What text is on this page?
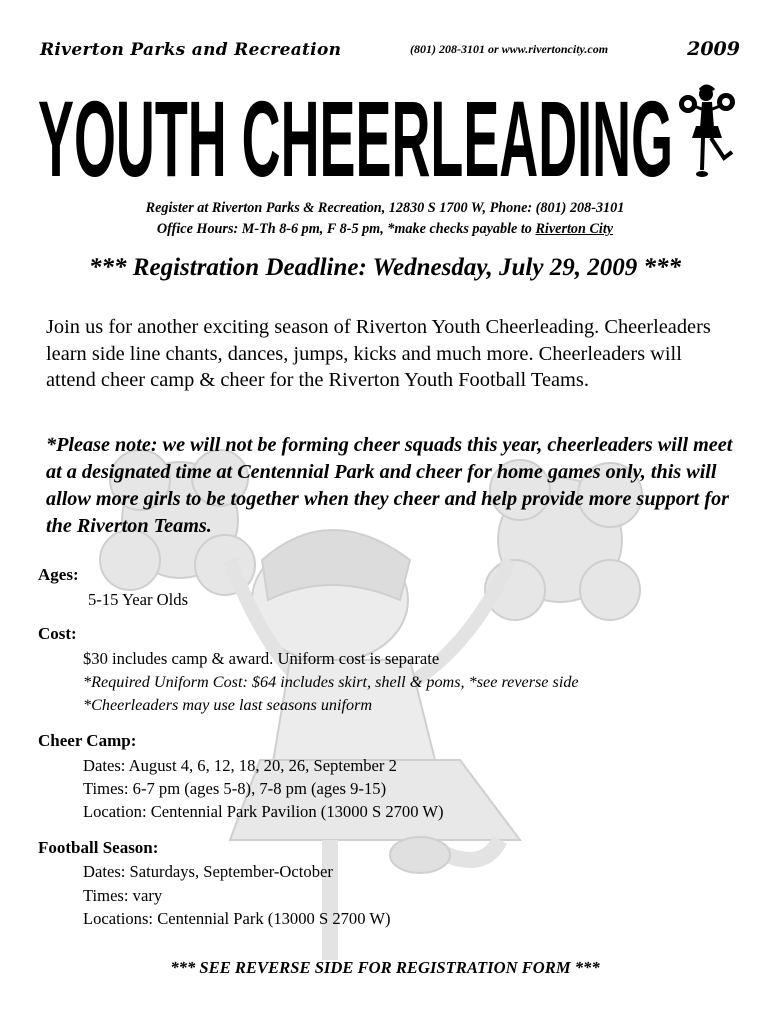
Riverton Parks and Recreation	(801) 208-3101 or www.rivertoncity.com	2009
YOUTH CHEERLEADING
Register at Riverton Parks & Recreation, 12830 S 1700 W, Phone: (801) 208-3101
Office Hours: M-Th 8-6 pm, F 8-5 pm, *make checks payable to Riverton City
*** Registration Deadline: Wednesday, July 29, 2009 ***
Join us for another exciting season of Riverton Youth Cheerleading. Cheerleaders learn side line chants, dances, jumps, kicks and much more. Cheerleaders will attend cheer camp & cheer for the Riverton Youth Football Teams.
*Please note: we will not be forming cheer squads this year, cheerleaders will meet at a designated time at Centennial Park and cheer for home games only, this will allow more girls to be together when they cheer and help provide more support for the Riverton Teams.
Ages:
5-15 Year Olds
Cost:
$30 includes camp & award. Uniform cost is separate
*Required Uniform Cost: $64 includes skirt, shell & poms, *see reverse side
*Cheerleaders may use last seasons uniform
Cheer Camp:
Dates: August 4, 6, 12, 18, 20, 26, September 2
Times: 6-7 pm (ages 5-8), 7-8 pm (ages 9-15)
Location: Centennial Park Pavilion (13000 S 2700 W)
Football Season:
Dates: Saturdays, September-October
Times: vary
Locations: Centennial Park (13000 S 2700 W)
*** SEE REVERSE SIDE FOR REGISTRATION FORM ***
